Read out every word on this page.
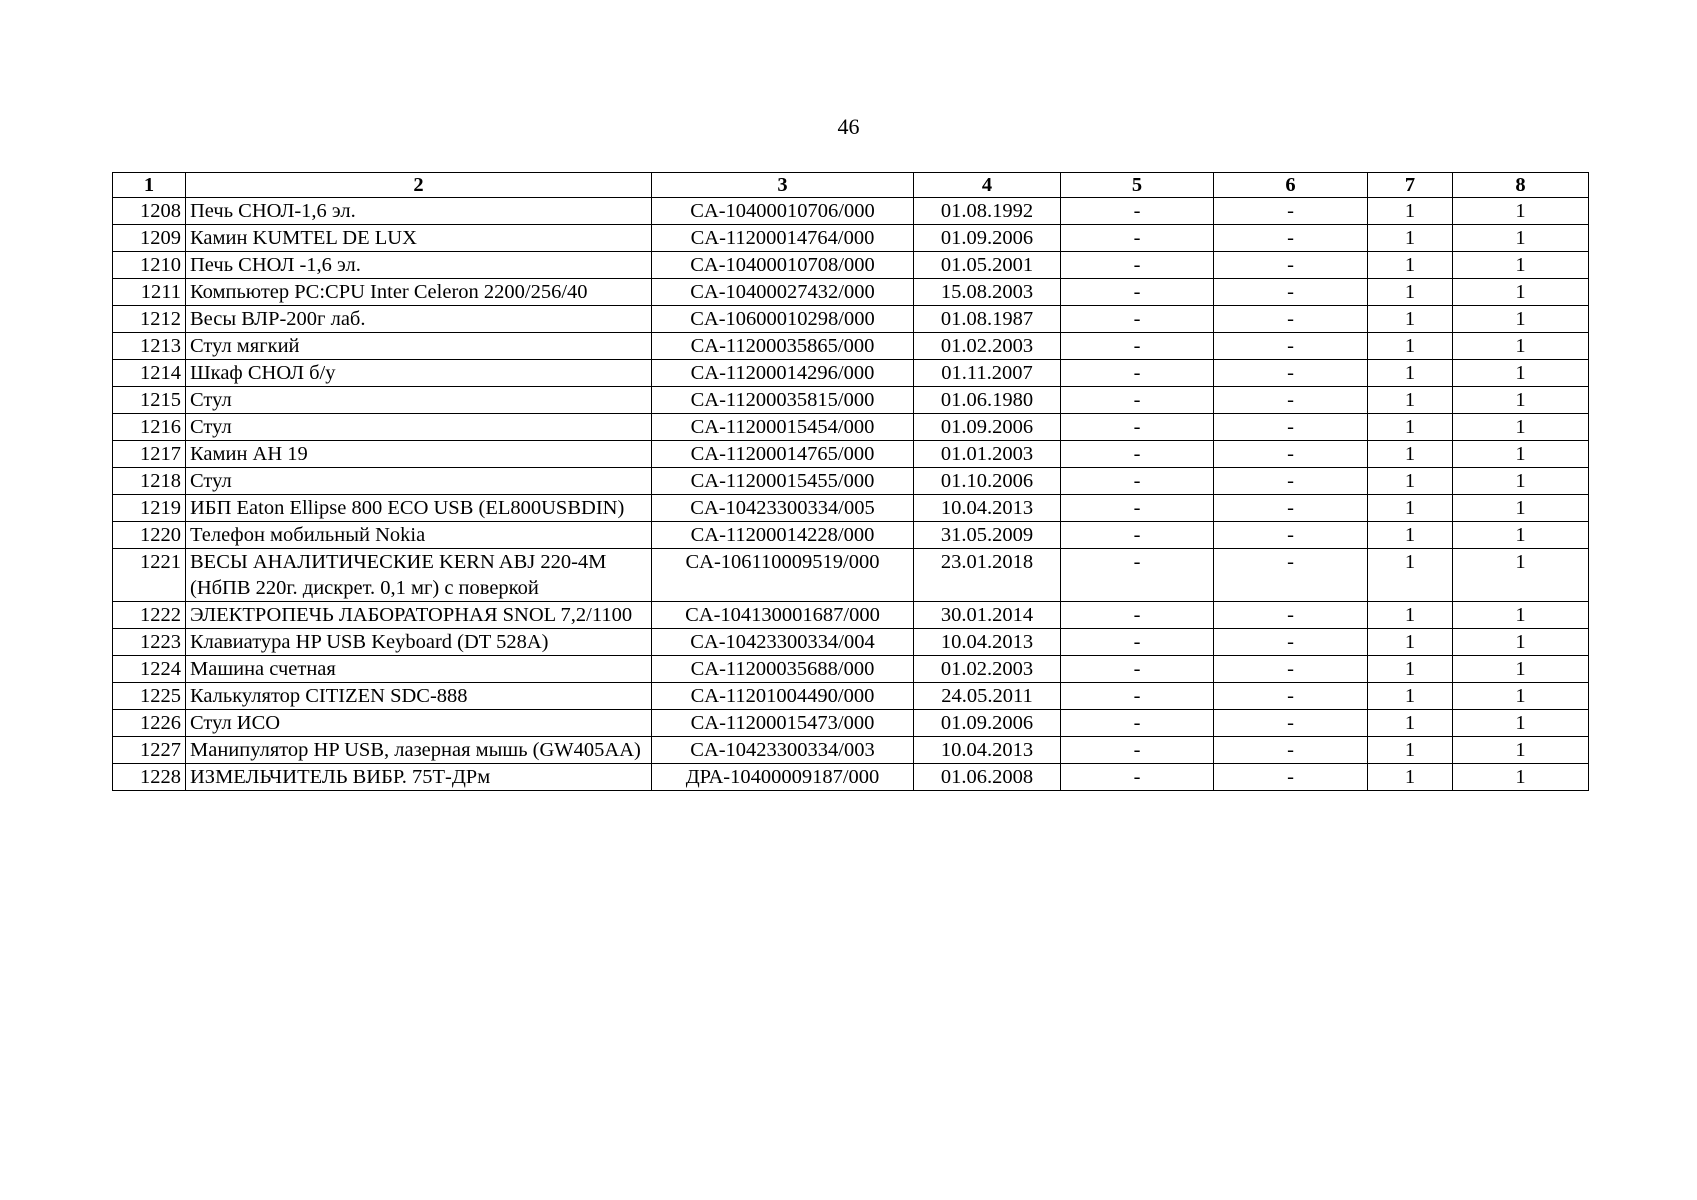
46
1	2	3	4	5	6	7	8
1208	Печь СНОЛ-1,6 эл.	CA-10400010706/000	01.08.1992	-	-	1	1
1209	Камин KUMTEL DE LUX	CA-11200014764/000	01.09.2006	-	-	1	1
1210	Печь СНОЛ -1,6 эл.	CA-10400010708/000	01.05.2001	-	-	1	1
1211	Компьютер PC:CPU Inter Celeron 2200/256/40	CA-10400027432/000	15.08.2003	-	-	1	1
1212	Весы ВЛР-200г лаб.	CA-10600010298/000	01.08.1987	-	-	1	1
1213	Стул мягкий	CA-11200035865/000	01.02.2003	-	-	1	1
1214	Шкаф СНОЛ б/у	CA-11200014296/000	01.11.2007	-	-	1	1
1215	Стул	CA-11200035815/000	01.06.1980	-	-	1	1
1216	Стул	CA-11200015454/000	01.09.2006	-	-	1	1
1217	Камин АН 19	CA-11200014765/000	01.01.2003	-	-	1	1
1218	Стул	CA-11200015455/000	01.10.2006	-	-	1	1
1219	ИБП Eaton Ellipse 800 ECO USB (EL800USBDIN)	CA-10423300334/005	10.04.2013	-	-	1	1
1220	Телефон мобильный Nokia	CA-11200014228/000	31.05.2009	-	-	1	1
1221	ВЕСЫ АНАЛИТИЧЕСКИЕ KERN ABJ 220-4M (НбПВ 220г. дискрет. 0,1 мг) с поверкой	CA-106110009519/000	23.01.2018	-	-	1	1
1222	ЭЛЕКТРОПЕЧЬ ЛАБОРАТОРНАЯ SNOL 7,2/1100	CA-104130001687/000	30.01.2014	-	-	1	1
1223	Клавиатура HP USB Keyboard (DT 528A)	CA-10423300334/004	10.04.2013	-	-	1	1
1224	Машина счетная	CA-11200035688/000	01.02.2003	-	-	1	1
1225	Калькулятор CITIZEN SDC-888	CA-11201004490/000	24.05.2011	-	-	1	1
1226	Стул ИСО	CA-11200015473/000	01.09.2006	-	-	1	1
1227	Манипулятор HP USB, лазерная мышь (GW405AA)	CA-10423300334/003	10.04.2013	-	-	1	1
1228	ИЗМЕЛЬЧИТЕЛЬ ВИБР. 75Т-ДРм	ДРА-10400009187/000	01.06.2008	-	-	1	1
